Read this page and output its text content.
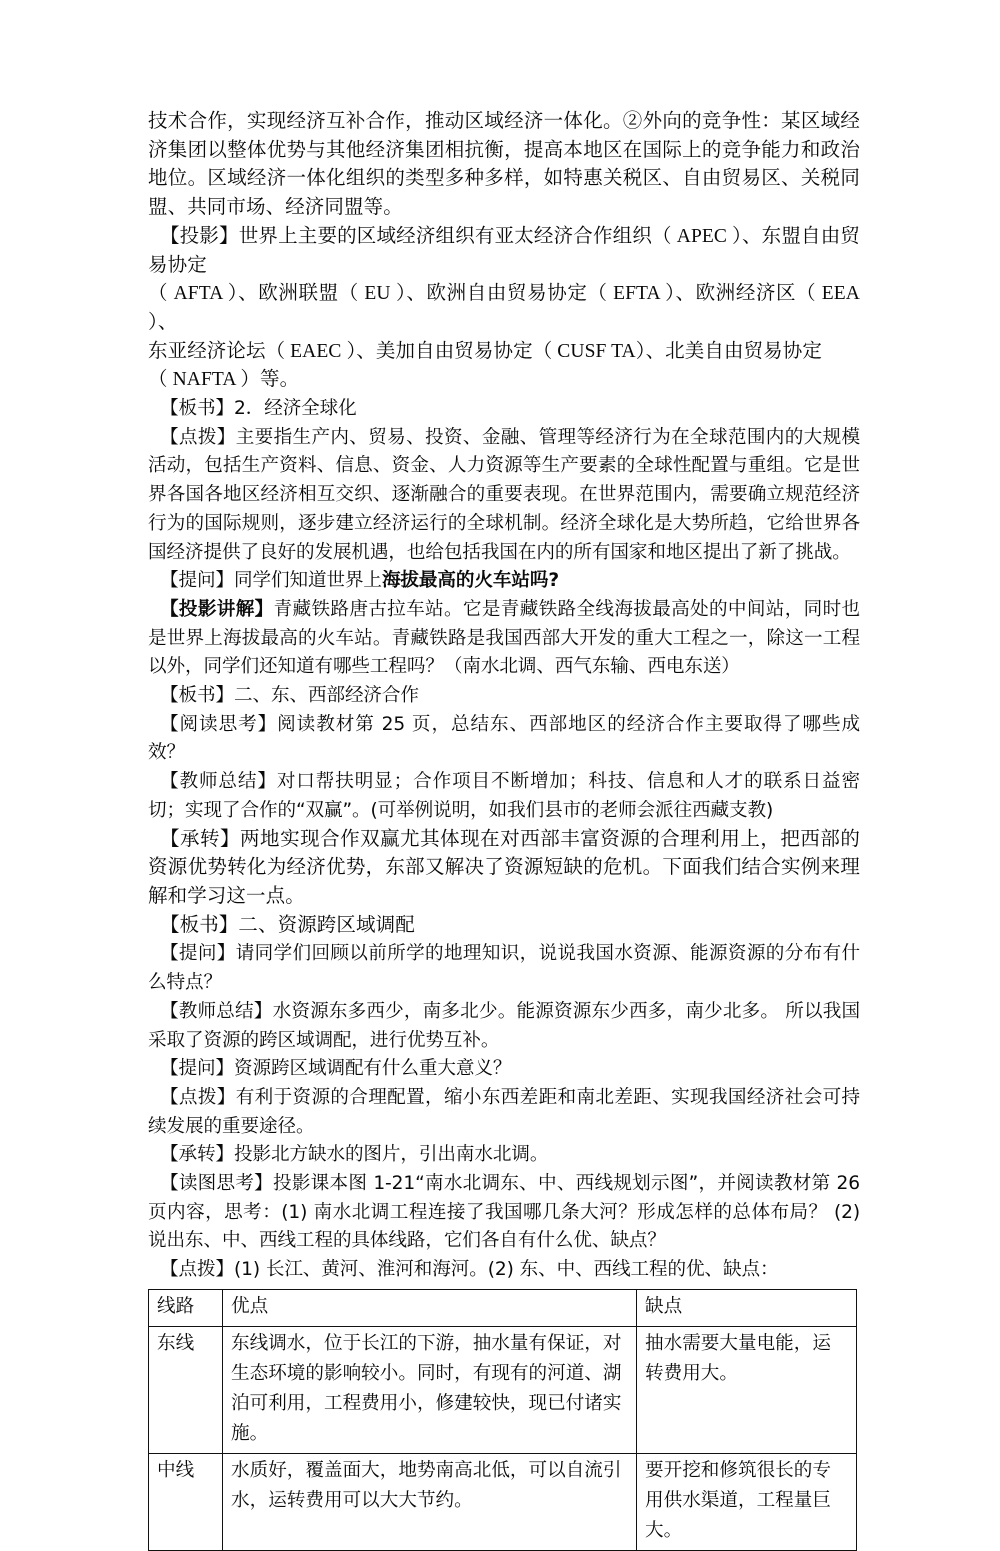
技术合作，实现经济互补合作，推动区域经济一体化。②外向的竞争性：某区域经济集团以整体优势与其他经济集团相抗衡，提高本地区在国际上的竞争能力和政治地位。区域经济一体化组织的类型多种多样，如特惠关税区、自由贸易区、关税同盟、共同市场、经济同盟等。

【投影】世界上主要的区域经济组织有亚太经济合作组织（ APEC ）、东盟自由贸易协定

（ AFTA ）、欧洲联盟（ EU ）、欧洲自由贸易协定（ EFTA ）、欧洲经济区（ EEA ）、

东亚经济论坛（ EAEC ）、美加自由贸易协定（ CUSF TA）、北美自由贸易协定

（ NAFTA ）等。

【板书】2．经济全球化

【点拨】主要指生产内、贸易、投资、金融、管理等经济行为在全球范围内的大规模活动，包括生产资料、信息、资金、人力资源等生产要素的全球性配置与重组。它是世界各国各地区经济相互交织、逐渐融合的重要表现。在世界范围内，需要确立规范经济行为的国际规则，逐步建立经济运行的全球机制。经济全球化是大势所趋，它给世界各国经济提供了良好的发展机遇，也给包括我国在内的所有国家和地区提出了新了挑战。

【提问】同学们知道世界上海拔最高的火车站吗?

【投影讲解】青藏铁路唐古拉车站。它是青藏铁路全线海拔最高处的中间站，同时也是世界上海拔最高的火车站。青藏铁路是我国西部大开发的重大工程之一，除这一工程以外，同学们还知道有哪些工程吗？（南水北调、西气东输、西电东送）

【板书】二、东、西部经济合作

【阅读思考】阅读教材第 25 页，总结东、西部地区的经济合作主要取得了哪些成效？

【教师总结】对口帮扶明显；合作项目不断增加；科技、信息和人才的联系日益密切；实现了合作的“双赢”。(可举例说明，如我们县市的老师会派往西藏支教)

【承转】两地实现合作双赢尤其体现在对西部丰富资源的合理利用上，把西部的资源优势转化为经济优势，东部又解决了资源短缺的危机。下面我们结合实例来理解和学习这一点。

【板书】二、资源跨区域调配

【提问】请同学们回顾以前所学的地理知识，说说我国水资源、能源资源的分布有什么特点？

【教师总结】水资源东多西少，南多北少。能源资源东少西多，南少北多。 所以我国采取了资源的跨区域调配，进行优势互补。

【提问】资源跨区域调配有什么重大意义？

【点拨】有利于资源的合理配置，缩小东西差距和南北差距、实现我国经济社会可持续发展的重要途径。

【承转】投影北方缺水的图片，引出南水北调。

【读图思考】投影课本图 1-21“南水北调东、中、西线规划示图”，并阅读教材第 26 页内容，思考：(1) 南水北调工程连接了我国哪几条大河？形成怎样的总体布局？ (2) 说出东、中、西线工程的具体线路，它们各自有什么优、缺点？

【点拨】(1) 长江、黄河、淮河和海河。(2) 东、中、西线工程的优、缺点：

线路	优点	缺点
东线	东线调水，位于长江的下游，抽水量有保证，对生态环境的影响较小。同时，有现有的河道、湖泊可利用，工程费用小，修建较快，现已付诸实施。	抽水需要大量电能，运转费用大。
中线	水质好，覆盖面大，地势南高北低，可以自流引水，运转费用可以大大节约。	要开挖和修筑很长的专用供水渠道，工程量巨大。
